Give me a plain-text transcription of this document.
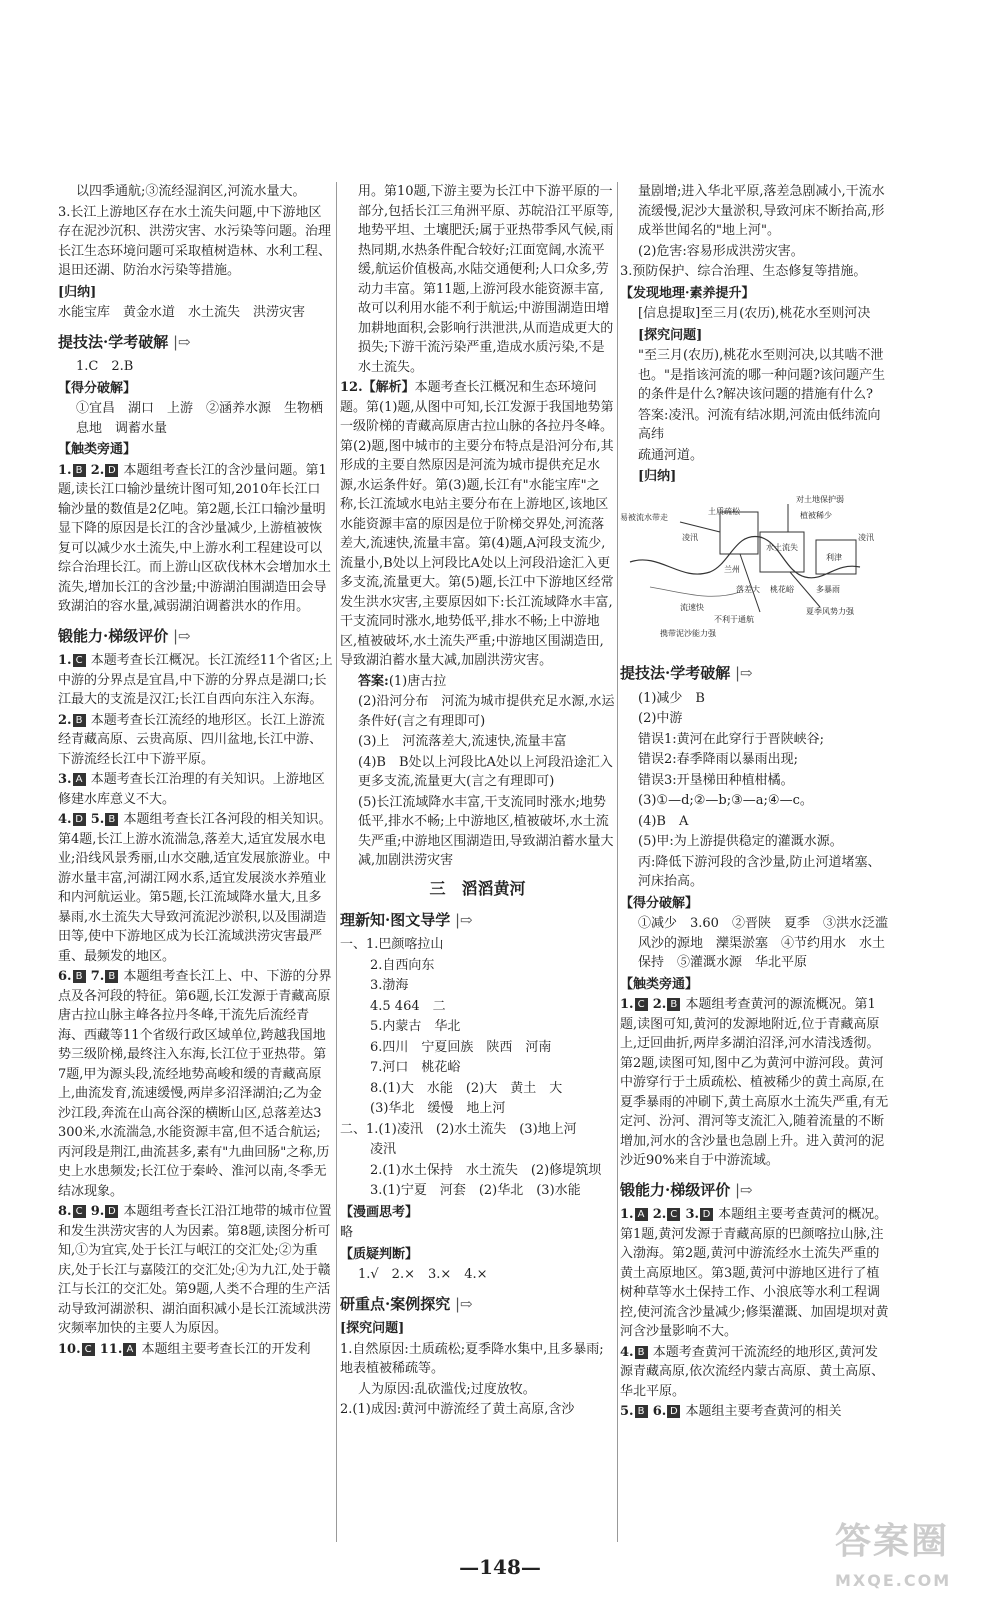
以四季通航;③流经湿润区,河流水量大。

3.长江上游地区存在水土流失问题,中下游地区存在泥沙沉积、洪涝灾害、水污染等问题。治理长江生态环境问题可采取植树造林、水利工程、退田还湖、防治水污染等措施。

[归纳]

水能宝库　黄金水道　水土流失　洪涝灾害

提技法·学考破解 |⇨

1.C　2.B

【得分破解】

①宜昌　湖口　上游　②涵养水源　生物栖息地　调蓄水量

【触类旁通】

1. B 2. D 本题组考查长江的含沙量问题。第1题,读长江口输沙量统计图可知,2010年长江口输沙量的数值是2亿吨。第2题,长江口输沙量明显下降的原因是长江的含沙量减少,上游植被恢复可以减少水土流失,中上游水利工程建设可以综合治理长江。而上游山区砍伐林木会增加水土流失,增加长江的含沙量;中游湖泊围湖造田会导致湖泊的容水量,减弱湖泊调蓄洪水的作用。

锻能力·梯级评价 |⇨

1. C 本题考查长江概况。长江流经11个省区;上中游的分界点是宜昌,中下游的分界点是湖口;长江最大的支流是汉江;长江自西向东注入东海。

2. B 本题考查长江流经的地形区。长江上游流经青藏高原、云贵高原、四川盆地,长江中游、下游流经长江中下游平原。

3. A 本题考查长江治理的有关知识。上游地区修建水库意义不大。

4. D 5. B 本题组考查长江各河段的相关知识。第4题,长江上游水流湍急,落差大,适宜发展水电业;沿线风景秀丽,山水交融,适宜发展旅游业。中游水量丰富,河湖江网水系,适宜发展淡水养殖业和内河航运业。第5题,长江流域降水量大,且多暴雨,水土流失大导致河流泥沙淤积,以及围湖造田等,使中下游地区成为长江流域洪涝灾害最严重、最频发的地区。

6. B 7. B 本题组考查长江上、中、下游的分界点及各河段的特征。第6题,长江发源于青藏高原唐古拉山脉主峰各拉丹冬峰,干流先后流经青海、西藏等11个省级行政区域单位,跨越我国地势三级阶梯,最终注入东海,长江位于亚热带。第7题,甲为源头段,流经地势高峻和缓的青藏高原上,曲流发育,流速缓慢,两岸多沼泽湖泊;乙为金沙江段,奔流在山高谷深的横断山区,总落差达3 300米,水流湍急,水能资源丰富,但不适合航运;丙河段是荆江,曲流甚多,素有"九曲回肠"之称,历史上水患频发;长江位于秦岭、淮河以南,冬季无结冰现象。

8. C 9. D 本题组考查长江沿江地带的城市位置和发生洪涝灾害的人为因素。第8题,读图分析可知,①为宜宾,处于长江与岷江的交汇处;②为重庆,处于长江与嘉陵江的交汇处;④为九江,处于赣江与长江的交汇处。第9题,人类不合理的生产活动导致河湖淤积、湖泊面积减小是长江流域洪涝灾频率加快的主要人为原因。

10. C 11. A 本题组主要考查长江的开发利

用。第10题,下游主要为长江中下游平原的一部分,包括长江三角洲平原、苏皖沿江平原等,地势平坦、土壤肥沃;属于亚热带季风气候,雨热同期,水热条件配合较好;江面宽阔,水流平缓,航运价值极高,水陆交通便利;人口众多,劳动力丰富。第11题,上游河段水能资源丰富,故可以利用水能不利于航运;中游围湖造田增加耕地面积,会影响行洪泄洪,从而造成更大的损失;下游干流污染严重,造成水质污染,不是水土流失。

12.【解析】本题考查长江概况和生态环境问题。第(1)题,从图中可知,长江发源于我国地势第一级阶梯的青藏高原唐古拉山脉的各拉丹冬峰。第(2)题,图中城市的主要分布特点是沿河分布,其形成的主要自然原因是河流为城市提供充足水源,水运条件好。第(3)题,长江有"水能宝库"之称,长江流域水电站主要分布在上游地区,该地区水能资源丰富的原因是位于阶梯交界处,河流落差大,流速快,流量丰富。第(4)题,A河段支流少,流量小,B处以上河段比A处以上河段沿途汇入更多支流,流量更大。第(5)题,长江中下游地区经常发生洪水灾害,主要原因如下:长江流域降水丰富,干支流同时涨水,地势低平,排水不畅;上中游地区,植被破坏,水土流失严重;中游地区围湖造田,导致湖泊蓄水量大减,加剧洪涝灾害。

答案:(1)唐古拉

(2)沿河分布　河流为城市提供充足水源,水运条件好(言之有理即可)

(3)上　河流落差大,流速快,流量丰富

(4)B　B处以上河段比A处以上河段沿途汇入更多支流,流量更大(言之有理即可)

(5)长江流域降水丰富,干支流同时涨水;地势低平,排水不畅;上中游地区,植被破坏,水土流失严重;中游地区围湖造田,导致湖泊蓄水量大减,加剧洪涝灾害

三　滔滔黄河
理新知·图文导学 |⇨

一、1.巴颜喀拉山

2.自西向东

3.渤海

4.5 464　二

5.内蒙古　华北

6.四川　宁夏回族　陕西　河南

7.河口　桃花峪

8.(1)大　水能　(2)大　黄土　大

(3)华北　缓慢　地上河

二、1.(1)凌汛　(2)水土流失　(3)地上河

凌汛

2.(1)水土保持　水土流失　(2)修堤筑坝

3.(1)宁夏　河套　(2)华北　(3)水能

【漫画思考】

略

【质疑判断】

1.√　2.×　3.×　4.×

研重点·案例探究 |⇨

[探究问题]

1.自然原因:土质疏松;夏季降水集中,且多暴雨;地表植被稀疏等。

人为原因:乱砍滥伐;过度放牧。

2.(1)成因:黄河中游流经了黄土高原,含沙

量剧增;进入华北平原,落差急剧减小,干流水流缓慢,泥沙大量淤积,导致河床不断抬高,形成举世闻名的"地上河"。

(2)危害:容易形成洪涝灾害。

3.预防保护、综合治理、生态修复等措施。

【发现地理·素养提升】

[信息提取]至三月(农历),桃花水至则河决

[探究问题]

"至三月(农历),桃花水至则河决,以其啮不泄也。"是指该河流的哪一种问题?该问题产生的条件是什么?解决该问题的措施有什么?

答案:凌汛。河流有结冰期,河流由低纬流向高纬

疏通河道。

[归纳]

对土地保护弱
易被流水带走
土质疏松	植被稀少
凌汛	凌汛
水土流失
兰州
利津
落差大 桃花峪	多暴雨
流速快	夏季风势力强
不利于通航
携带泥沙能力强
提技法·学考破解 |⇨

(1)减少　B

(2)中游

错误1:黄河在此穿行于晋陕峡谷;

错误2:春季降雨以暴雨出现;

错误3:开垦梯田种植柑橘。

(3)①—d;②—b;③—a;④—c。

(4)B　A

(5)甲:为上游提供稳定的灌溉水源。

丙:降低下游河段的含沙量,防止河道堵塞、河床抬高。

【得分破解】

①减少　3.60　②晋陕　夏季　③洪水泛滥　风沙的源地　灤渠淤塞　④节约用水　水土保持　⑤灌溉水源　华北平原

【触类旁通】

1. C 2. B 本题组考查黄河的源流概况。第1题,读图可知,黄河的发源地附近,位于青藏高原上,迂回曲折,两岸多湖泊沼泽,河水清浅透彻。第2题,读图可知,图中乙为黄河中游河段。黄河中游穿行于土质疏松、植被稀少的黄土高原,在夏季暴雨的冲刷下,黄土高原水土流失严重,有无定河、汾河、渭河等支流汇入,随着流量的不断增加,河水的含沙量也急剧上升。进入黄河的泥沙近90%来自于中游流域。

锻能力·梯级评价 |⇨

1. A 2. C 3. D 本题组主要考查黄河的概况。第1题,黄河发源于青藏高原的巴颜喀拉山脉,注入渤海。第2题,黄河中游流经水土流失严重的黄土高原地区。第3题,黄河中游地区进行了植树种草等水土保持工作、小浪底等水利工程调控,使河流含沙量减少;修渠灌溉、加固堤坝对黄河含沙量影响不大。

4. B 本题考查黄河干流流经的地形区,黄河发源青藏高原,依次流经内蒙古高原、黄土高原、华北平原。

5. B 6. D 本题组主要考查黄河的相关

—148—
答案圈
MXQE.COM
